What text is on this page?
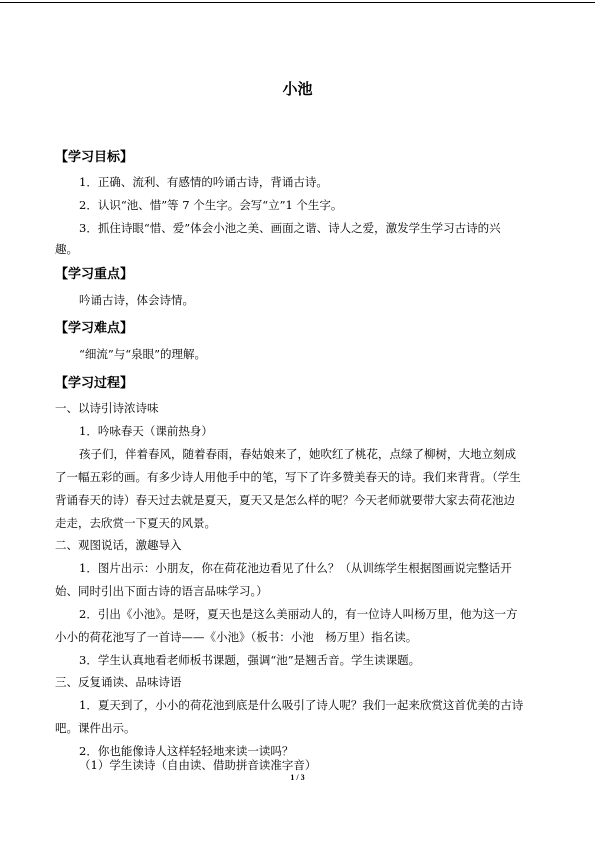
小池
【学习目标】
1．正确、流利、有感情的吟诵古诗，背诵古诗。
2．认识“池、惜”等 7 个生字。会写“立”1 个生字。
3．抓住诗眼“惜、爱”体会小池之美、画面之谐、诗人之爱，激发学生学习古诗的兴
趣。
【学习重点】
吟诵古诗，体会诗情。
【学习难点】
“细流”与“泉眼”的理解。
【学习过程】
一、以诗引诗浓诗味
1．吟咏春天（课前热身）
孩子们，伴着春风，随着春雨，春姑娘来了，她吹红了桃花，点绿了柳树，大地立刻成
了一幅五彩的画。有多少诗人用他手中的笔，写下了许多赞美春天的诗。我们来背背。（学生
背诵春天的诗）春天过去就是夏天，夏天又是怎么样的呢？今天老师就要带大家去荷花池边
走走，去欣赏一下夏天的风景。
二、观图说话，激趣导入
1．图片出示：小朋友，你在荷花池边看见了什么？（从训练学生根据图画说完整话开
始、同时引出下面古诗的语言品味学习。）
2．引出《小池》。是呀，夏天也是这么美丽动人的，有一位诗人叫杨万里，他为这一方
小小的荷花池写了一首诗——《小池》（板书：小池　杨万里）指名读。
3．学生认真地看老师板书课题，强调“池”是翘舌音。学生读课题。
三、反复诵读、品味诗语
1．夏天到了，小小的荷花池到底是什么吸引了诗人呢？我们一起来欣赏这首优美的古诗
吧。课件出示。
2．你也能像诗人这样轻轻地来读一读吗？
（1）学生读诗（自由读、借助拼音读准字音）
1 / 3
